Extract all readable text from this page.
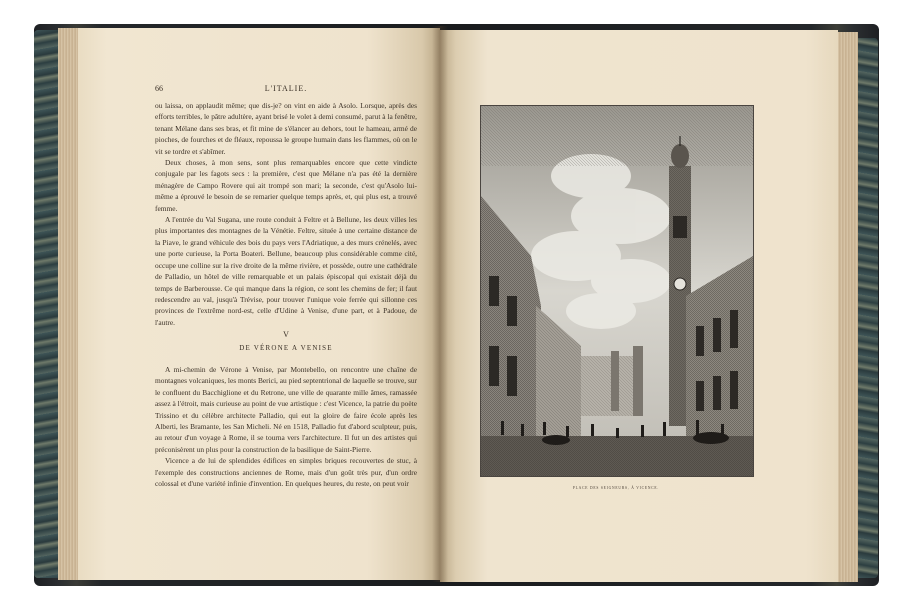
66	L'ITALIE.

ou laissa, on applaudit même; que dis-je? on vint en aide à Asolo. Lorsque, après des efforts terribles, le pâtre adultère, ayant brisé le volet à demi consumé, parut à la fenêtre, tenant Mélane dans ses bras, et fit mine de s'élancer au dehors, tout le hameau, armé de pioches, de fourches et de fléaux, repoussa le groupe humain dans les flammes, où on le vit se tordre et s'abîmer.

Deux choses, à mon sens, sont plus remarquables encore que cette vindicte conjugale par les fagots secs : la première, c'est que Mélane n'a pas été la dernière ménagère de Campo Rovere qui ait trompé son mari; la seconde, c'est qu'Asolo lui-même a éprouvé le besoin de se remarier quelque temps après, et, qui plus est, a trouvé femme.

A l'entrée du Val Sugana, une route conduit à Feltre et à Bellune, les deux villes les plus importantes des montagnes de la Vénétie. Feltre, située à une certaine distance de la Piave, le grand véhicule des bois du pays vers l'Adriatique, a des murs crénelés, avec une porte curieuse, la Porta Boateri. Bellune, beaucoup plus considérable comme cité, occupe une colline sur la rive droite de la même rivière, et possède, outre une cathédrale de Palladio, un hôtel de ville remarquable et un palais épiscopal qui existait déjà du temps de Barberousse. Ce qui manque dans la région, ce sont les chemins de fer; il faut redescendre au val, jusqu'à Trévise, pour trouver l'unique voie ferrée qui sillonne ces provinces de l'extrême nord-est, celle d'Udine à Venise, d'une part, et à Padoue, de l'autre.

V
DE VÉRONE A VENISE

A mi-chemin de Vérone à Venise, par Montebello, on rencontre une chaîne de montagnes volcaniques, les monts Berici, au pied septentrional de laquelle se trouve, sur le confluent du Bacchiglione et du Retrone, une ville de quarante mille âmes, ramassée assez à l'étroit, mais curieuse au point de vue artistique : c'est Vicence, la patrie du poète Trissino et du célèbre architecte Palladio, qui eut la gloire de faire école après les Alberti, les Bramante, les San Micheli. Né en 1518, Palladio fut d'abord sculpteur, puis, au retour d'un voyage à Rome, il se tourna vers l'architecture. Il fut un des artistes qui préconisèrent un plus pour la construction de la basilique de Saint-Pierre.

Vicence a de lui de splendides édifices en simples briques recouvertes de stuc, à l'exemple des constructions anciennes de Rome, mais d'un goût très pur, d'un ordre colossal et d'une variété infinie d'invention. En quelques heures, du reste, on peut voir	PLACE DES SEIGNEURS, À VICENCE.
